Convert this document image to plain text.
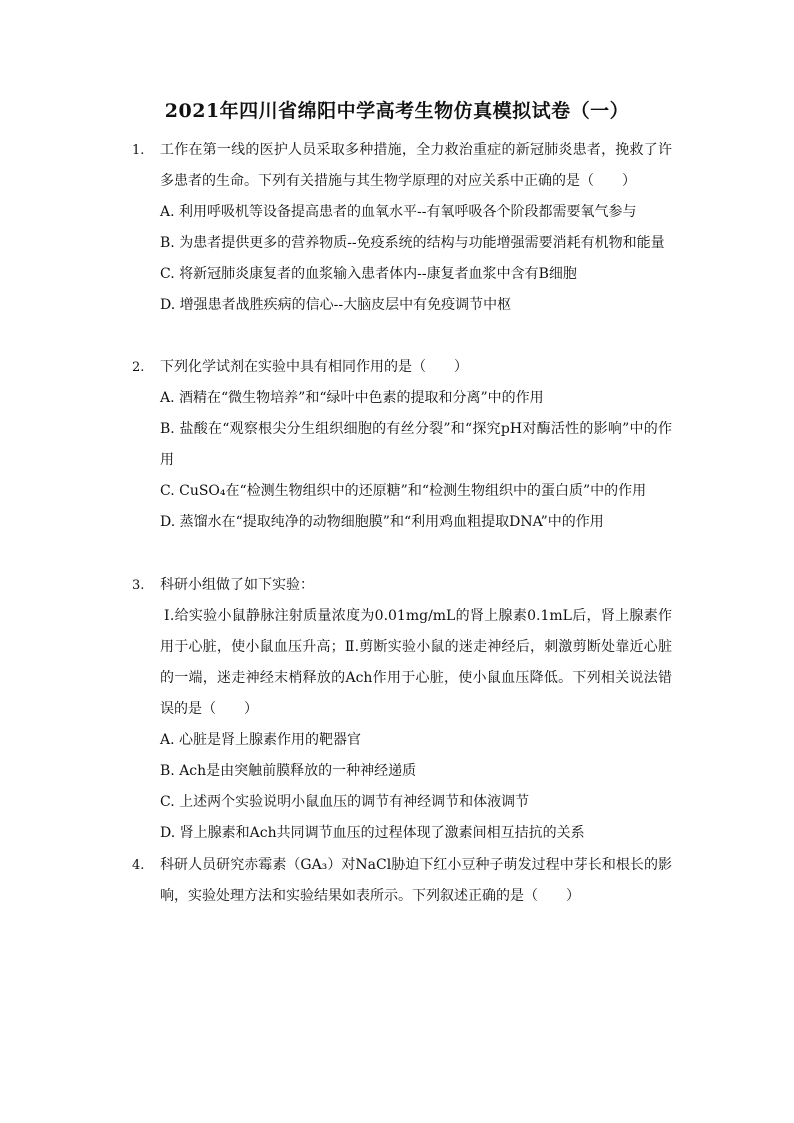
2021年四川省绵阳中学高考生物仿真模拟试卷（一）
1. 工作在第一线的医护人员采取多种措施，全力救治重症的新冠肺炎患者，挽救了许多患者的生命。下列有关措施与其生物学原理的对应关系中正确的是（　　）
A. 利用呼吸机等设备提高患者的血氧水平--有氧呼吸各个阶段都需要氧气参与
B. 为患者提供更多的营养物质--免疫系统的结构与功能增强需要消耗有机物和能量
C. 将新冠肺炎康复者的血浆输入患者体内--康复者血浆中含有B细胞
D. 增强患者战胜疾病的信心--大脑皮层中有免疫调节中枢
2. 下列化学试剂在实验中具有相同作用的是（　　）
A. 酒精在“微生物培养”和“绿叶中色素的提取和分离”中的作用
B. 盐酸在“观察根尖分生组织细胞的有丝分裂”和“探究pH对酶活性的影响”中的作用
C. CuSO₄在“检测生物组织中的还原糖”和“检测生物组织中的蛋白质”中的作用
D. 蒸馏水在“提取纯净的动物细胞膜”和“利用鸡血粗提取DNA”中的作用
3. 科研小组做了如下实验：
Ⅰ.给实验小鼠静脉注射质量浓度为0.01mg/mL的肾上腺素0.1mL后，肾上腺素作用于心脏，使小鼠血压升高；Ⅱ.剪断实验小鼠的迷走神经后，刺激剪断处靠近心脏的一端，迷走神经末梢释放的Ach作用于心脏，使小鼠血压降低。下列相关说法错误的是（　　）
A. 心脏是肾上腺素作用的靶器官
B. Ach是由突触前膜释放的一种神经递质
C. 上述两个实验说明小鼠血压的调节有神经调节和体液调节
D. 肾上腺素和Ach共同调节血压的过程体现了激素间相互拮抗的关系
4. 科研人员研究赤霉素（GA₃）对NaCl胁迫下红小豆种子萌发过程中芽长和根长的影响，实验处理方法和实验结果如表所示。下列叙述正确的是（　　）
